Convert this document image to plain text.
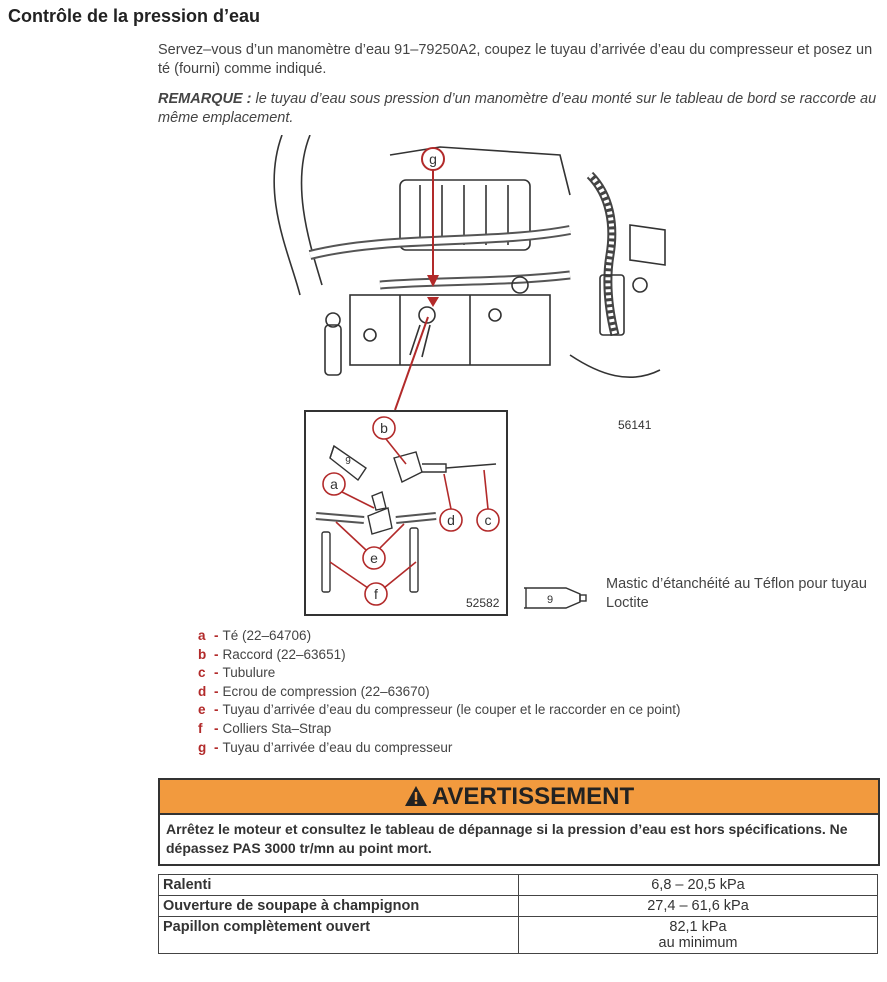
Contrôle de la pression d’eau
Servez–vous d’un manomètre d’eau 91–79250A2, coupez le tuyau d’arrivée d’eau du compresseur et posez un té (fourni) comme indiqué.
REMARQUE : le tuyau d’eau sous pression d’un manomètre d’eau monté sur le tableau de bord se raccorde au même emplacement.
g
56141
b
a
d c
e
f
9
52582	9
Mastic d’étanchéité au Téflon pour tuyau Loctite
a - Té (22–64706)
b - Raccord (22–63651)
c - Tubulure
d - Ecrou de compression (22–63670)
e - Tuyau d’arrivée d’eau du compresseur (le couper et le raccorder en ce point)
f - Colliers Sta–Strap
g - Tuyau d’arrivée d’eau du compresseur
AVERTISSEMENT
Arrêtez le moteur et consultez le tableau de dépannage si la pression d’eau est hors spécifications. Ne dépassez PAS 3000 tr/mn au point mort.
Ralenti	6,8 – 20,5 kPa
Ouverture de soupape à champignon	27,4 – 61,6 kPa
Papillon complètement ouvert	82,1 kPa
au minimum
